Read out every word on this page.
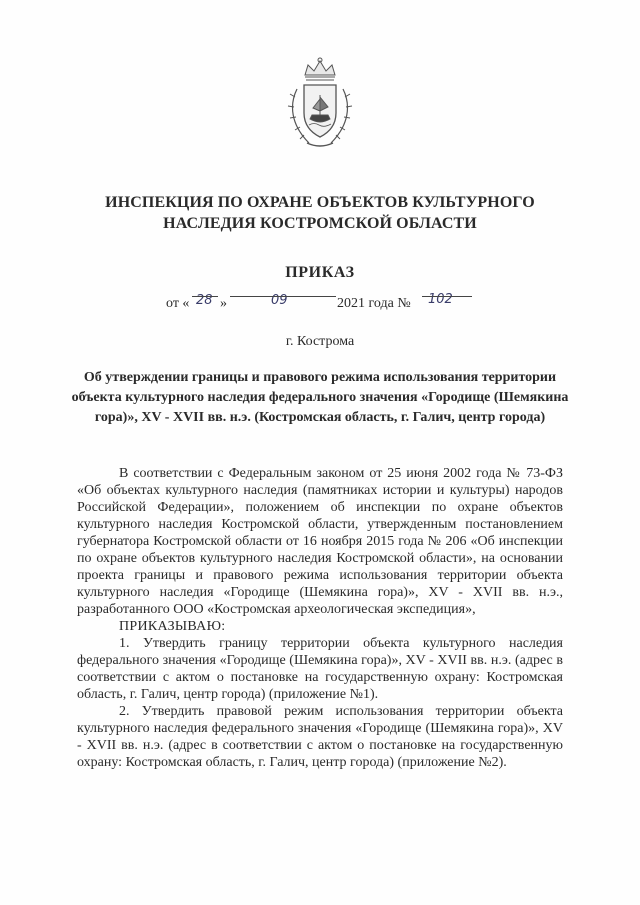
ИНСПЕКЦИЯ ПО ОХРАНЕ ОБЪЕКТОВ КУЛЬТУРНОГО НАСЛЕДИЯ КОСТРОМСКОЙ ОБЛАСТИ
ПРИКАЗ
от « 28 »	09	2021 года № 102
г. Кострома
Об утверждении границы и правового режима использования территории объекта культурного наследия федерального значения «Городище (Шемякина гора)», XV - XVII вв. н.э. (Костромская область, г. Галич, центр города)

В соответствии с Федеральным законом от 25 июня 2002 года № 73-ФЗ «Об объектах культурного наследия (памятниках истории и культуры) народов Российской Федерации», положением об инспекции по охране объектов культурного наследия Костромской области, утвержденным постановлением губернатора Костромской области от 16 ноября 2015 года № 206 «Об инспекции по охране объектов культурного наследия Костромской области», на основании проекта границы и правового режима использования территории объекта культурного наследия «Городище (Шемякина гора)», XV - XVII вв. н.э., разработанного ООО «Костромская археологическая экспедиция»,

ПРИКАЗЫВАЮ:

1. Утвердить границу территории объекта культурного наследия федерального значения «Городище (Шемякина гора)», XV - XVII вв. н.э. (адрес в соответствии с актом о постановке на государственную охрану: Костромская область, г. Галич, центр города) (приложение №1).

2. Утвердить правовой режим использования территории объекта культурного наследия федерального значения «Городище (Шемякина гора)», XV - XVII вв. н.э. (адрес в соответствии с актом о постановке на государственную охрану: Костромская область, г. Галич, центр города) (приложение №2).
